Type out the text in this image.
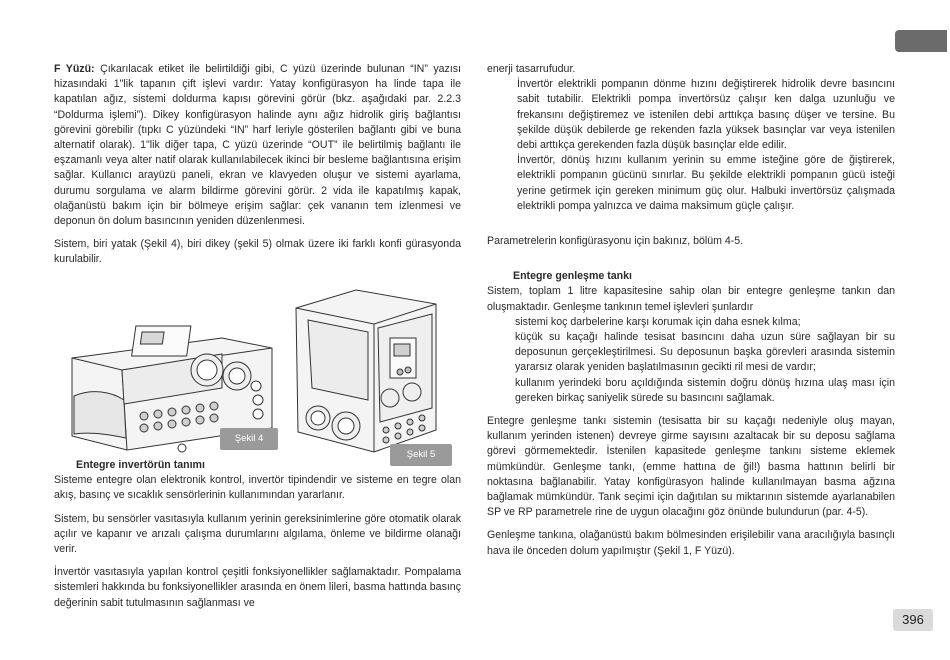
F Yüzü: Çıkarılacak etiket ile belirtildiği gibi, C yüzü üzerinde bulunan “IN” yazısı hizasındaki 1"lik tapanın çift işlevi vardır: Yatay konfigürasyon ha linde tapa ile kapatılan ağız, sistemi doldurma kapısı görevini görür (bkz. aşağıdaki par. 2.2.3 “Doldurma işlemi”). Dikey konfigürasyon halinde aynı ağız hidrolik giriş bağlantısı görevini görebilir (tıpkı C yüzündeki “IN” harf leriyle gösterilen bağlantı gibi ve buna alternatif olarak). 1"lik diğer tapa, C yüzü üzerinde “OUT” ile belirtilmiş bağlantı ile eşzamanlı veya alter natif olarak kullanılabilecek ikinci bir besleme bağlantısına erişim sağlar. Kullanıcı arayüzü paneli, ekran ve klavyeden oluşur ve sistemi ayarlama, durumu sorgulama ve alarm bildirme görevini görür. 2 vida ile kapatılmış kapak, olağanüstü bakım için bir bölmeye erişim sağlar: çek vananın tem izlenmesi ve deponun ön dolum basıncının yeniden düzenlenmesi.

Sistem, biri yatak (Şekil 4), biri dikey (şekil 5) olmak üzere iki farklı konfi gürasyonda kurulabilir.

Şekil 4
Şekil 5

Entegre invertörün tanımı

Sisteme entegre olan elektronik kontrol, invertör tipindendir ve sisteme en tegre olan akış, basınç ve sıcaklık sensörlerinin kullanımından yararlanır.

Sistem, bu sensörler vasıtasıyla kullanım yerinin gereksinimlerine göre otomatik olarak açılır ve kapanır ve arızalı çalışma durumlarını algılama, önleme ve bildirme olanağı verir.

İnvertör vasıtasıyla yapılan kontrol çeşitli fonksiyonellikler sağlamaktadır. Pompalama sistemleri hakkında bu fonksiyonellikler arasında en önem lileri, basma hattında basınç değerinin sabit tutulmasının sağlanması ve

enerji tasarrufudur.

İnvertör elektrikli pompanın dönme hızını değiştirerek hidrolik devre basıncını sabit tutabilir. Elektrikli pompa invertörsüz çalışır ken dalga uzunluğu ve frekansını değiştiremez ve istenilen debi arttıkça basınç düşer ve tersine. Bu şekilde düşük debilerde ge rekenden fazla yüksek basınçlar var veya istenilen debi arttıkça gerekenden fazla düşük basınçlar elde edilir.

İnvertör, dönüş hızını kullanım yerinin su emme isteğine göre de ğiştirerek, elektrikli pompanın gücünü sınırlar. Bu şekilde elektrikli pompanın gücü isteği yerine getirmek için gereken minimum güç olur. Halbuki invertörsüz çalışmada elektrikli pompa yalnızca ve daima maksimum güçle çalışır.

Parametrelerin konfigürasyonu için bakınız, bölüm 4-5.

Entegre genleşme tankı

Sistem, toplam 1 litre kapasitesine sahip olan bir entegre genleşme tankın dan oluşmaktadır. Genleşme tankının temel işlevleri şunlardır

sistemi koç darbelerine karşı korumak için daha esnek kılma;

küçük su kaçağı halinde tesisat basıncını daha uzun süre sağlayan bir su deposunun gerçekleştirilmesi. Su deposunun başka görevleri arasında sistemin yararsız olarak yeniden başlatılmasının gecikti ril mesi de vardır;

kullanım yerindeki boru açıldığında sistemin doğru dönüş hızına ulaş ması için gereken birkaç saniyelik sürede su basıncını sağlamak.

Entegre genleşme tankı sistemin (tesisatta bir su kaçağı nedeniyle oluş mayan, kullanım yerinden istenen) devreye girme sayısını azaltacak bir su deposu sağlama görevi görmemektedir. İstenilen kapasitede genleşme tankını sisteme eklemek mümkündür. Genleşme tankı, (emme hattına de ğil!) basma hattının belirli bir noktasına bağlanabilir. Yatay konfigürasyon halinde kullanılmayan basma ağzına bağlamak mümkündür. Tank seçimi için dağıtılan su miktarının sistemde ayarlanabilen SP ve RP parametrele rine de uygun olacağını göz önünde bulundurun (par. 4-5).

Genleşme tankına, olağanüstü bakım bölmesinden erişilebilir vana aracılığıyla basınçlı hava ile önceden dolum yapılmıştır (Şekil 1, F Yüzü).

396
